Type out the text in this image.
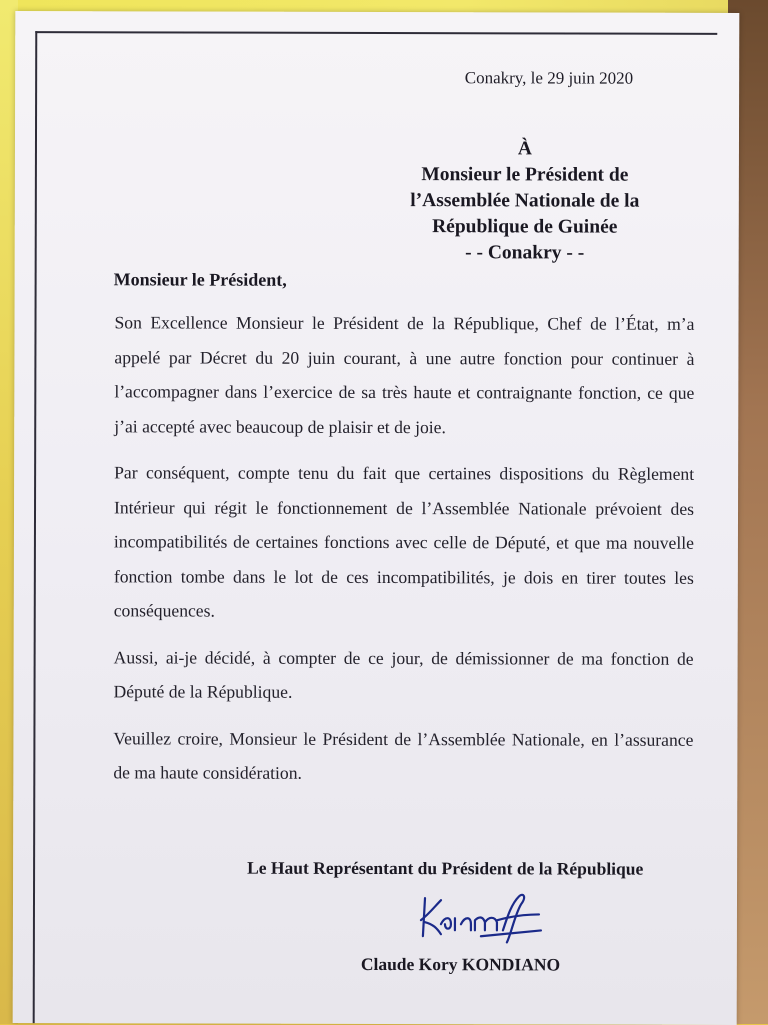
Conakry, le 29 juin 2020
À
Monsieur le Président de
l’Assemblée Nationale de la
République de Guinée
- - Conakry - -
Monsieur le Président,

Son Excellence Monsieur le Président de la République, Chef de l’État, m’a appelé par Décret du 20 juin courant, à une autre fonction pour continuer à l’accompagner dans l’exercice de sa très haute et contraignante fonction, ce que j’ai accepté avec beaucoup de plaisir et de joie.

Par conséquent, compte tenu du fait que certaines dispositions du Règlement Intérieur qui régit le fonctionnement de l’Assemblée Nationale prévoient des incompatibilités de certaines fonctions avec celle de Député, et que ma nouvelle fonction tombe dans le lot de ces incompatibilités, je dois en tirer toutes les conséquences.

Aussi, ai-je décidé, à compter de ce jour, de démissionner de ma fonction de Député de la République.

Veuillez croire, Monsieur le Président de l’Assemblée Nationale, en l’assurance de ma haute considération.

Le Haut Représentant du Président de la République
Claude Kory KONDIANO
